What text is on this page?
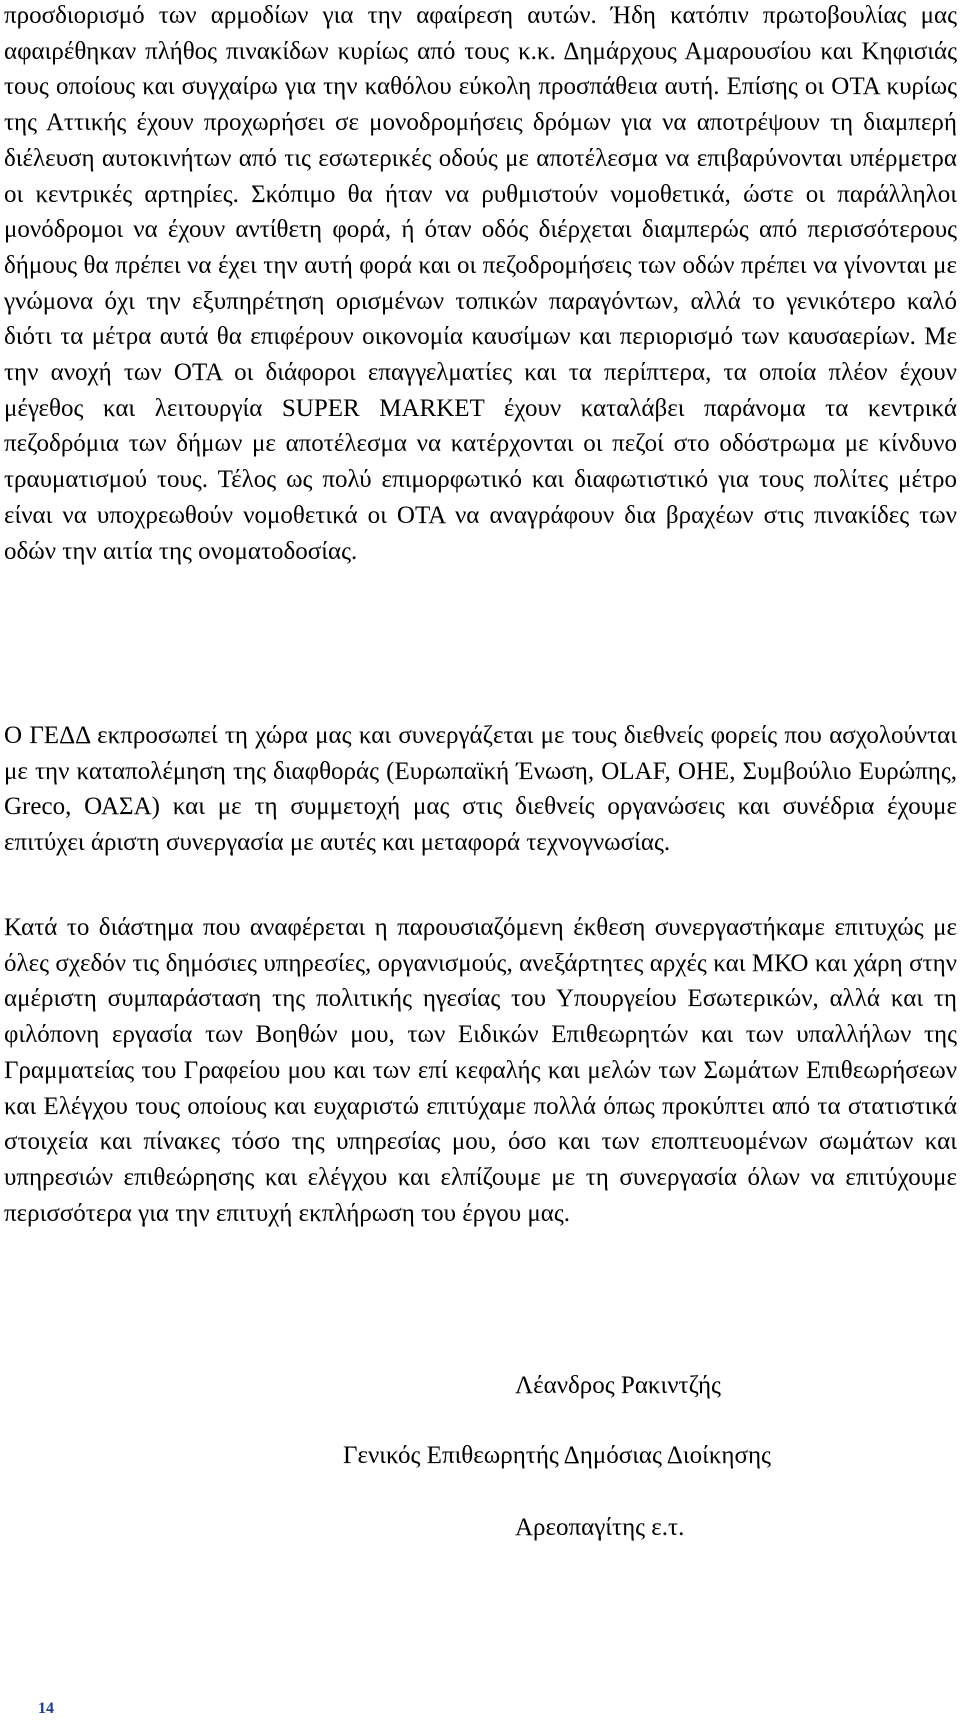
προσδιορισμό των αρμοδίων για την αφαίρεση αυτών. Ήδη κατόπιν πρωτοβουλίας μας αφαιρέθηκαν πλήθος πινακίδων κυρίως από τους κ.κ. Δημάρχους Αμαρουσίου και Κηφισιάς τους οποίους και συγχαίρω για την καθόλου εύκολη προσπάθεια αυτή. Επίσης οι ΟΤΑ κυρίως της Αττικής έχουν προχωρήσει σε μονοδρομήσεις δρόμων για να αποτρέψουν τη διαμπερή διέλευση αυτοκινήτων από τις εσωτερικές οδούς με αποτέλεσμα να επιβαρύνονται υπέρμετρα οι κεντρικές αρτηρίες. Σκόπιμο θα ήταν να ρυθμιστούν νομοθετικά, ώστε οι παράλληλοι μονόδρομοι να έχουν αντίθετη φορά, ή όταν οδός διέρχεται διαμπερώς από περισσότερους δήμους θα πρέπει να έχει την αυτή φορά και οι πεζοδρομήσεις των οδών πρέπει να γίνονται με γνώμονα όχι την εξυπηρέτηση ορισμένων τοπικών παραγόντων, αλλά το γενικότερο καλό διότι τα μέτρα αυτά θα επιφέρουν οικονομία καυσίμων και περιορισμό των καυσαερίων. Με την ανοχή των ΟΤΑ οι διάφοροι επαγγελματίες και τα περίπτερα, τα οποία πλέον έχουν μέγεθος και λειτουργία SUPER MARKET έχουν καταλάβει παράνομα τα κεντρικά πεζοδρόμια των δήμων με αποτέλεσμα να κατέρχονται οι πεζοί στο οδόστρωμα με κίνδυνο τραυματισμού τους. Τέλος ως πολύ επιμορφωτικό και διαφωτιστικό για τους πολίτες μέτρο είναι να υποχρεωθούν νομοθετικά οι ΟΤΑ να αναγράφουν δια βραχέων στις πινακίδες των οδών την αιτία της ονοματοδοσίας.

Ο ΓΕΔΔ εκπροσωπεί τη χώρα μας και συνεργάζεται με τους διεθνείς φορείς που ασχολούνται με την καταπολέμηση της διαφθοράς (Ευρωπαϊκή Ένωση, OLAF, ΟΗΕ, Συμβούλιο Ευρώπης, Greco, ΟΑΣΑ) και με τη συμμετοχή μας στις διεθνείς οργανώσεις και συνέδρια έχουμε επιτύχει άριστη συνεργασία με αυτές και μεταφορά τεχνογνωσίας.

Κατά το διάστημα που αναφέρεται η παρουσιαζόμενη έκθεση συνεργαστήκαμε επιτυχώς με όλες σχεδόν τις δημόσιες υπηρεσίες, οργανισμούς, ανεξάρτητες αρχές και ΜΚΟ και χάρη στην αμέριστη συμπαράσταση της πολιτικής ηγεσίας του Υπουργείου Εσωτερικών, αλλά και τη φιλόπονη εργασία των Βοηθών μου, των Ειδικών Επιθεωρητών και των υπαλλήλων της Γραμματείας του Γραφείου μου και των επί κεφαλής και μελών των Σωμάτων Επιθεωρήσεων και Ελέγχου τους οποίους και ευχαριστώ επιτύχαμε πολλά όπως προκύπτει από τα στατιστικά στοιχεία και πίνακες τόσο της υπηρεσίας μου, όσο και των εποπτευομένων σωμάτων και υπηρεσιών επιθεώρησης και ελέγχου και ελπίζουμε με τη συνεργασία όλων να επιτύχουμε περισσότερα για την επιτυχή εκπλήρωση του έργου μας.

Λέανδρος Ρακιντζής

Γενικός Επιθεωρητής Δημόσιας Διοίκησης

Αρεοπαγίτης ε.τ.

14
